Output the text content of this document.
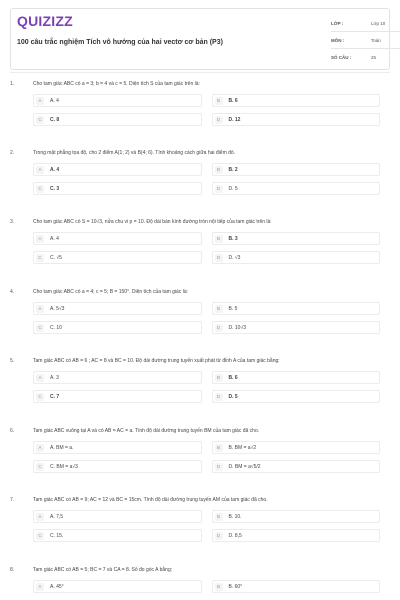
QUIZIZZ
100 câu trắc nghiệm Tích vô hướng của hai vectơ cơ bản (P3)
LỚP :	Lớp 10
MÔN :	Toán
SỐ CÂU :	25
1.	Cho tam giác ABC có a = 3; b = 4 và c = 5. Diện tích S của tam giác trên là:
A	A. 4	B	B. 6
C	C. 8	D	D. 12
2.	Trong mặt phẳng tọa độ, cho 2 điểm A(1; 2) và B(4; 6). Tính khoảng cách giữa hai điểm đó.
A	A. 4	B	B. 2
C	C. 3	D	D. 5
3.	Cho tam giác ABC có S = 10√3, nửa chu vi p = 10. Độ dài bán kính đường tròn nội tiếp của tam giác trên là:
A	A. 4	B	B. 3
C	C. √5	D	D. √3
4.	Cho tam giác ABC có a = 4; c = 5; B = 150°. Diện tích của tam giác là:
A	A. 5√3	B	B. 5
C	C. 10	D	D. 10√3
5.	Tam giác ABC có AB = 6 ; AC = 8 và BC = 10. Độ dài đường trung tuyến xuất phát từ đỉnh A của tam giác bằng:
A	A. 3	B	B. 6
C	C. 7	D	D. 5
6.	Tam giác ABC vuông tại A và có AB = AC = a. Tính độ dài đường trung tuyến BM của tam giác đã cho.
A	A. BM = a.	B	B. BM = a√2
C	C. BM = a√3	D	D. BM = a√5/2
7.	Tam giác ABC có AB = 9; AC = 12 và BC = 15cm. Tính độ dài đường trung tuyến AM của tam giác đã cho.
A	A. 7,5	B	B. 10.
C	C. 15.	D	D. 8,5
8.	Tam giác ABC có AB = 5; BC = 7 và CA = 8. Số đo góc A bằng:
A	A. 45°	B	B. 60°
